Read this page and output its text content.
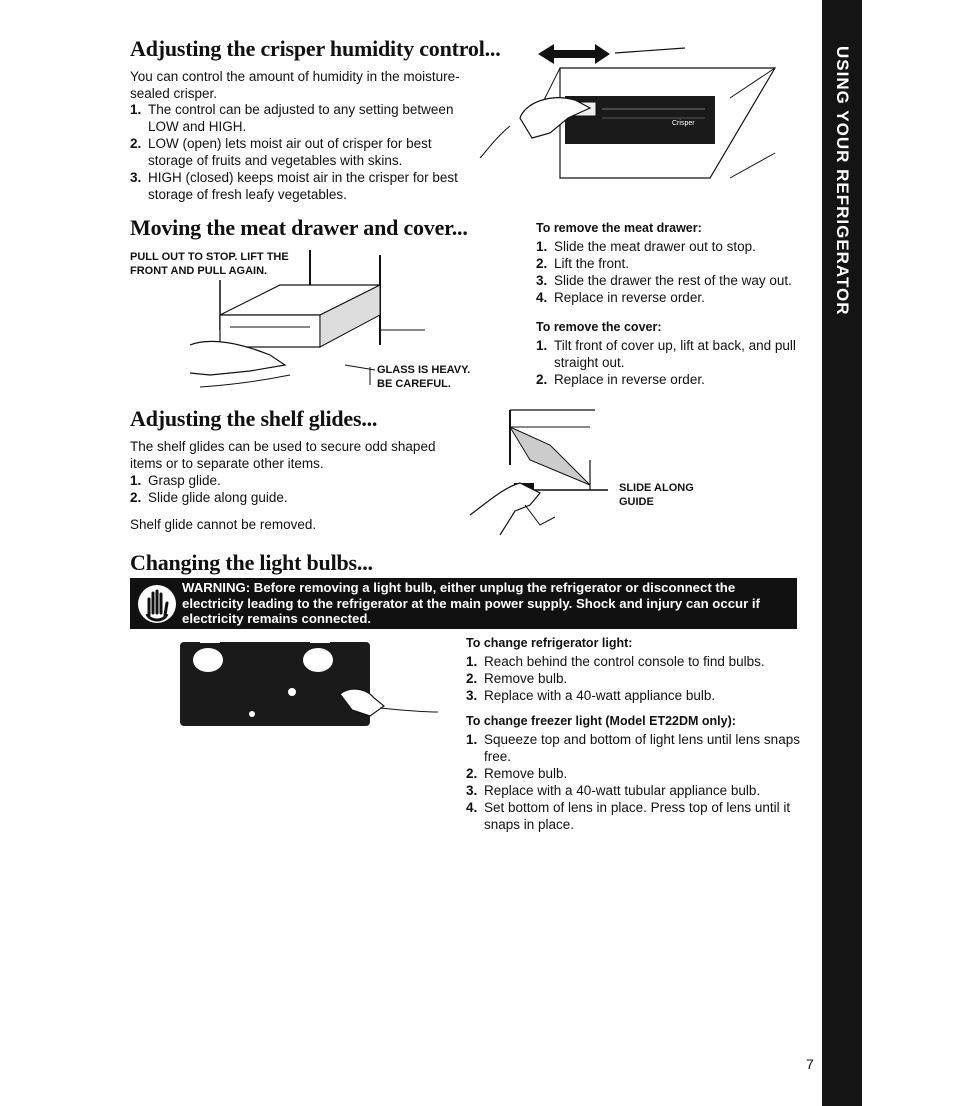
USING YOUR REFRIGERATOR
Adjusting the crisper humidity control...

You can control the amount of humidity in the moisture-sealed crisper.

1. The control can be adjusted to any setting between LOW and HIGH.
2. LOW (open) lets moist air out of crisper for best storage of fruits and vegetables with skins.
3. HIGH (closed) keeps moist air in the crisper for best storage of fresh leafy vegetables.
Crisper
Moving the meat drawer and cover...

PULL OUT TO STOP. LIFT THE FRONT AND PULL AGAIN.

GLASS IS HEAVY. BE CAREFUL.

To remove the meat drawer:

1. Slide the meat drawer out to stop.
2. Lift the front.
3. Slide the drawer the rest of the way out.
4. Replace in reverse order.

To remove the cover:

1. Tilt front of cover up, lift at back, and pull straight out.
2. Replace in reverse order.
Adjusting the shelf glides...

The shelf glides can be used to secure odd shaped items or to separate other items.

1. Grasp glide.
2. Slide glide along guide.

Shelf glide cannot be removed.

SLIDE ALONG GUIDE

Changing the light bulbs...
WARNING: Before removing a light bulb, either unplug the refrigerator or disconnect the electricity leading to the refrigerator at the main power supply. Shock and injury can occur if electricity remains connected.

To change refrigerator light:

1. Reach behind the control console to find bulbs.
2. Remove bulb.
3. Replace with a 40-watt appliance bulb.

To change freezer light (Model ET22DM only):

1. Squeeze top and bottom of light lens until lens snaps free.
2. Remove bulb.
3. Replace with a 40-watt tubular appliance bulb.
4. Set bottom of lens in place. Press top of lens until it snaps in place.
7
